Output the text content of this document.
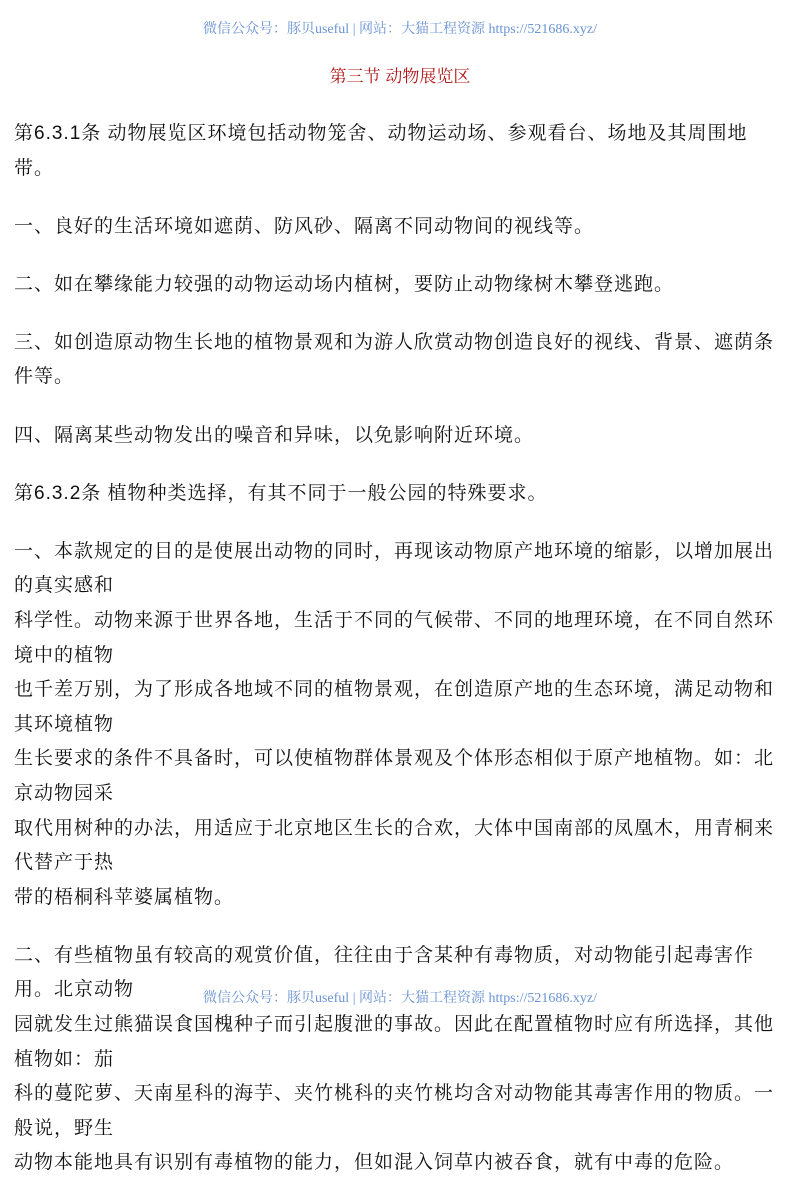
微信公众号：豚贝useful | 网站：大猫工程资源 https://521686.xyz/
第三节 动物展览区
第6.3.1条 动物展览区环境包括动物笼舍、动物运动场、参观看台、场地及其周围地带。
一、良好的生活环境如遮荫、防风砂、隔离不同动物间的视线等。
二、如在攀缘能力较强的动物运动场内植树，要防止动物缘树木攀登逃跑。
三、如创造原动物生长地的植物景观和为游人欣赏动物创造良好的视线、背景、遮荫条件等。
四、隔离某些动物发出的噪音和异味，以免影响附近环境。
第6.3.2条 植物种类选择，有其不同于一般公园的特殊要求。
一、本款规定的目的是使展出动物的同时，再现该动物原产地环境的缩影，以增加展出的真实感和
科学性。动物来源于世界各地，生活于不同的气候带、不同的地理环境，在不同自然环境中的植物
也千差万别，为了形成各地域不同的植物景观，在创造原产地的生态环境，满足动物和其环境植物
生长要求的条件不具备时，可以使植物群体景观及个体形态相似于原产地植物。如：北京动物园采
取代用树种的办法，用适应于北京地区生长的合欢，大体中国南部的凤凰木，用青桐来代替产于热
带的梧桐科苹婆属植物。
二、有些植物虽有较高的观赏价值，往往由于含某种有毒物质，对动物能引起毒害作用。北京动物
园就发生过熊猫误食国槐种子而引起腹泄的事故。因此在配置植物时应有所选择，其他植物如：茄
科的蔓陀萝、天南星科的海芋、夹竹桃科的夹竹桃均含对动物能其毒害作用的物质。一般说，野生
动物本能地具有识别有毒植物的能力，但如混入饲草内被吞食，就有中毒的危险。
微信公众号：豚贝useful | 网站：大猫工程资源 https://521686.xyz/
